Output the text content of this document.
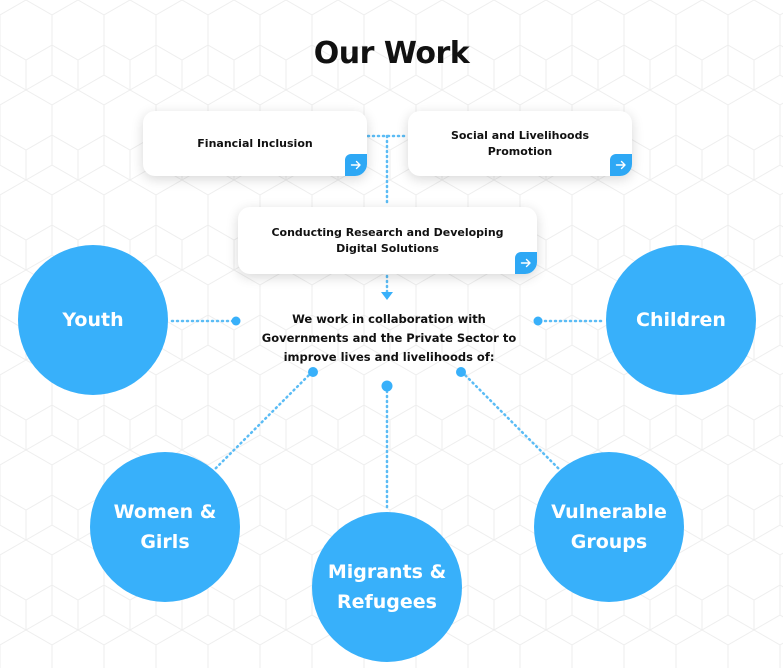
Our Work
Financial Inclusion
Social and Livelihoods Promotion
Conducting Research and Developing Digital Solutions
We work in collaboration with Governments and the Private Sector to improve lives and livelihoods of:
Youth	Children
Women &
Girls
Migrants &
Refugees
Vulnerable
Groups
